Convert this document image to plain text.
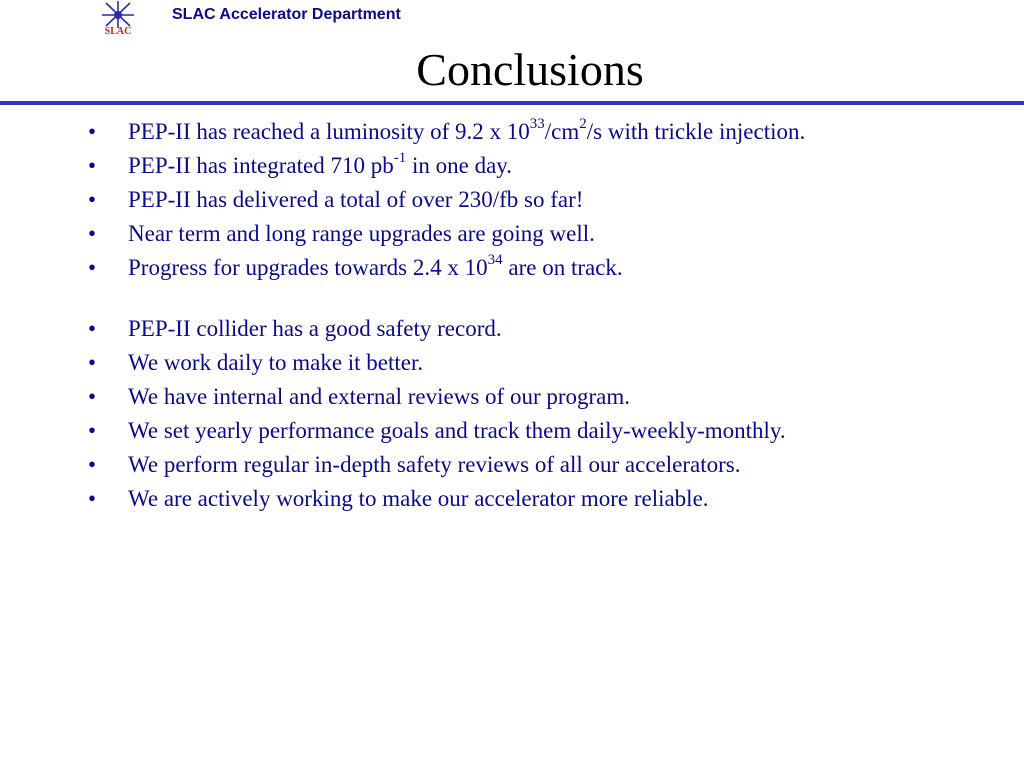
SLAC
SLAC Accelerator Department
Conclusions
• PEP-II has reached a luminosity of 9.2 x $10^{33}/cm^2/s$ with trickle injection.
• PEP-II has integrated 710 $pb^{-1}$ in one day.
• PEP-II has delivered a total of over 230/fb so far!
• Near term and long range upgrades are going well.
• Progress for upgrades towards 2.4 x $10^{34}$ are on track.
• PEP-II collider has a good safety record.
• We work daily to make it better.
• We have internal and external reviews of our program.
• We set yearly performance goals and track them daily-weekly-monthly.
• We perform regular in-depth safety reviews of all our accelerators.
• We are actively working to make our accelerator more reliable.
